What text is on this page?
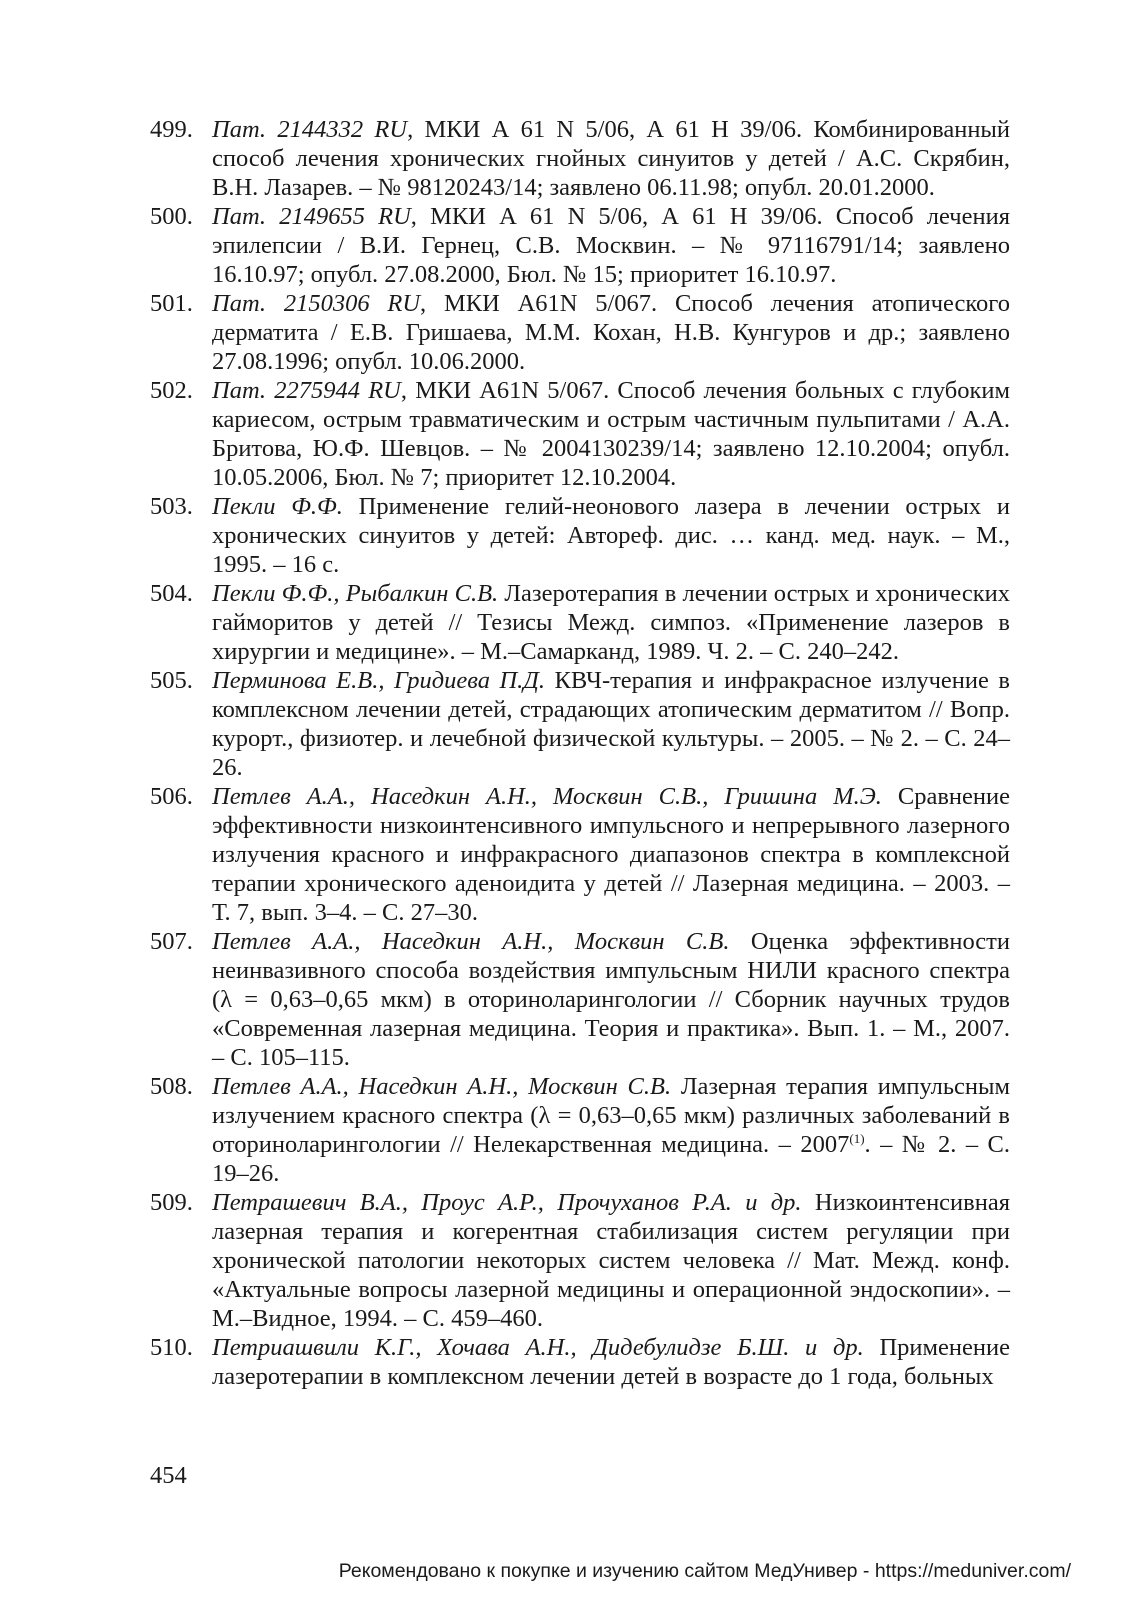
499. Пат. 2144332 RU, МКИ А 61 N 5/06, А 61 Н 39/06. Комбинированный способ лечения хронических гнойных синуитов у детей / А.С. Скрябин, В.Н. Лазарев. – № 98120243/14; заявлено 06.11.98; опубл. 20.01.2000.
500. Пат. 2149655 RU, МКИ А 61 N 5/06, А 61 Н 39/06. Способ лечения эпилепсии / В.И. Гернец, С.В. Москвин. – № 97116791/14; заявлено 16.10.97; опубл. 27.08.2000, Бюл. № 15; приоритет 16.10.97.
501. Пат. 2150306 RU, МКИ A61N 5/067. Способ лечения атопического дерматита / Е.В. Гришаева, М.М. Кохан, Н.В. Кунгуров и др.; заявлено 27.08.1996; опубл. 10.06.2000.
502. Пат. 2275944 RU, МКИ A61N 5/067. Способ лечения больных с глубоким кариесом, острым травматическим и острым частичным пульпитами / А.А. Бритова, Ю.Ф. Шевцов. – № 2004130239/14; заявлено 12.10.2004; опубл. 10.05.2006, Бюл. № 7; приоритет 12.10.2004.
503. Пекли Ф.Ф. Применение гелий-неонового лазера в лечении острых и хронических синуитов у детей: Автореф. дис. … канд. мед. наук. – М., 1995. – 16 с.
504. Пекли Ф.Ф., Рыбалкин С.В. Лазеротерапия в лечении острых и хронических гайморитов у детей // Тезисы Межд. симпоз. «Применение лазеров в хирургии и медицине». – М.–Самарканд, 1989. Ч. 2. – С. 240–242.
505. Перминова Е.В., Гридиева П.Д. КВЧ-терапия и инфракрасное излучение в комплексном лечении детей, страдающих атопическим дерматитом // Вопр. курорт., физиотер. и лечебной физической культуры. – 2005. – № 2. – С. 24–26.
506. Петлев А.А., Наседкин А.Н., Москвин С.В., Гришина М.Э. Сравнение эффективности низкоинтенсивного импульсного и непрерывного лазерного излучения красного и инфракрасного диапазонов спектра в комплексной терапии хронического аденоидита у детей // Лазерная медицина. – 2003. – Т. 7, вып. 3–4. – С. 27–30.
507. Петлев А.А., Наседкин А.Н., Москвин С.В. Оценка эффективности неинвазивного способа воздействия импульсным НИЛИ красного спектра (λ = 0,63–0,65 мкм) в оториноларингологии // Сборник научных трудов «Современная лазерная медицина. Теория и практика». Вып. 1. – М., 2007. – С. 105–115.
508. Петлев А.А., Наседкин А.Н., Москвин С.В. Лазерная терапия импульсным излучением красного спектра (λ = 0,63–0,65 мкм) различных заболеваний в оториноларингологии // Нелекарственная медицина. – 2007$^{(1)}$. – № 2. – С. 19–26.
509. Петрашевич В.А., Проус А.Р., Прочуханов Р.А. и др. Низкоинтенсивная лазерная терапия и когерентная стабилизация систем регуляции при хронической патологии некоторых систем человека // Мат. Межд. конф. «Актуальные вопросы лазерной медицины и операционной эндоскопии». – М.–Видное, 1994. – С. 459–460.
510. Петриашвили К.Г., Хочава А.Н., Дидебулидзе Б.Ш. и др. Применение лазеротерапии в комплексном лечении детей в возрасте до 1 года, больных
454
Рекомендовано к покупке и изучению сайтом МедУнивер - https://meduniver.com/
